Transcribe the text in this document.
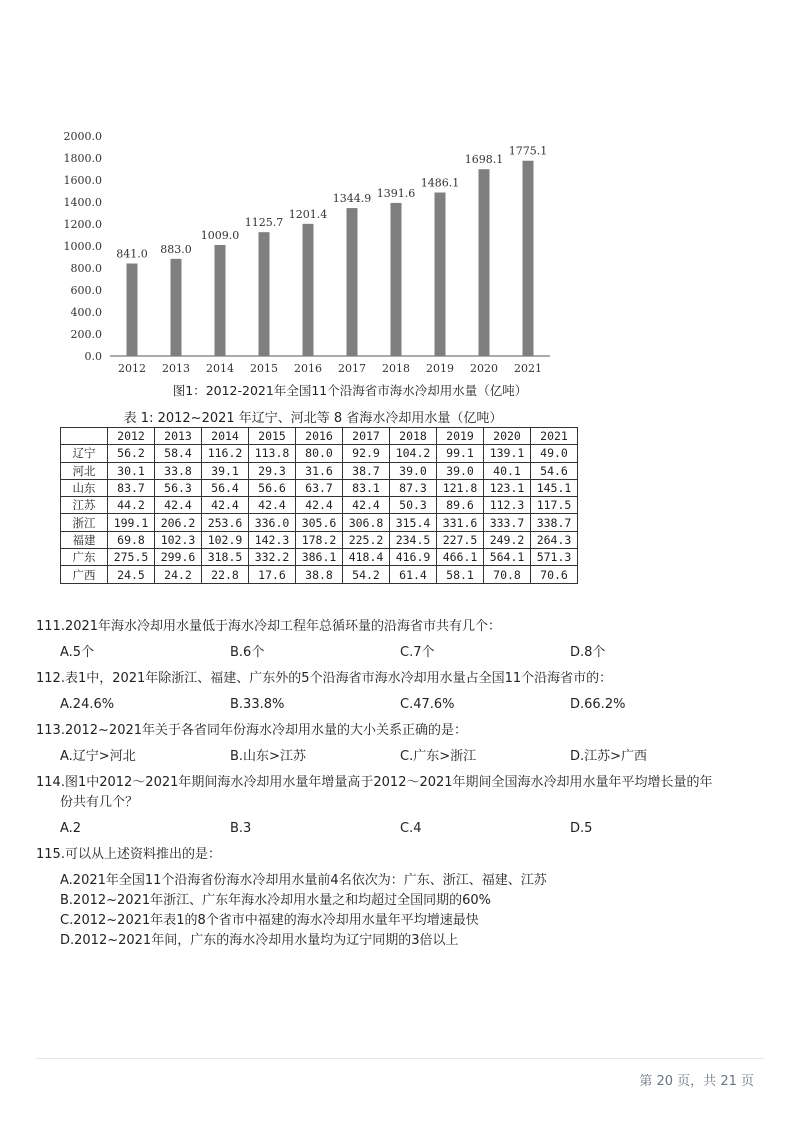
0.0
200.0
400.0
600.0
800.0
1000.0
1200.0
1400.0
1600.0
1800.0
2000.0
841.0
2012
883.0
2013
1009.0
2014
1125.7
2015
1201.4
2016
1344.9
2017
1391.6
2018
1486.1
2019
1698.1
2020
1775.1
2021
图1：2012-2021年全国11个沿海省市海水冷却用水量（亿吨）
表 1: 2012~2021 年辽宁、河北等 8 省海水冷却用水量（亿吨）
	2012	2013	2014	2015	2016	2017	2018	2019	2020	2021
辽宁	56.2	58.4	116.2	113.8	80.0	92.9	104.2	99.1	139.1	49.0
河北	30.1	33.8	39.1	29.3	31.6	38.7	39.0	39.0	40.1	54.6
山东	83.7	56.3	56.4	56.6	63.7	83.1	87.3	121.8	123.1	145.1
江苏	44.2	42.4	42.4	42.4	42.4	42.4	50.3	89.6	112.3	117.5
浙江	199.1	206.2	253.6	336.0	305.6	306.8	315.4	331.6	333.7	338.7
福建	69.8	102.3	102.9	142.3	178.2	225.2	234.5	227.5	249.2	264.3
广东	275.5	299.6	318.5	332.2	386.1	418.4	416.9	466.1	564.1	571.3
广西	24.5	24.2	22.8	17.6	38.8	54.2	61.4	58.1	70.8	70.6
111.2021年海水冷却用水量低于海水冷却工程年总循环量的沿海省市共有几个：
A.5个	B.6个	C.7个	D.8个
112.表1中，2021年除浙江、福建、广东外的5个沿海省市海水冷却用水量占全国11个沿海省市的：
A.24.6%	B.33.8%	C.47.6%	D.66.2%
113.2012~2021年关于各省同年份海水冷却用水量的大小关系正确的是：
A.辽宁>河北	B.山东>江苏	C.广东>浙江	D.江苏>广西
114.图1中2012～2021年期间海水冷却用水量年增量高于2012～2021年期间全国海水冷却用水量年平均增长量的年
份共有几个？
A.2	B.3	C.4	D.5
115.可以从上述资料推出的是：
A.2021年全国11个沿海省份海水冷却用水量前4名依次为：广东、浙江、福建、江苏
B.2012~2021年浙江、广东年海水冷却用水量之和均超过全国同期的60%
C.2012~2021年表1的8个省市中福建的海水冷却用水量年平均增速最快
D.2012~2021年间，广东的海水冷却用水量均为辽宁同期的3倍以上
第 20 页，共 21 页
